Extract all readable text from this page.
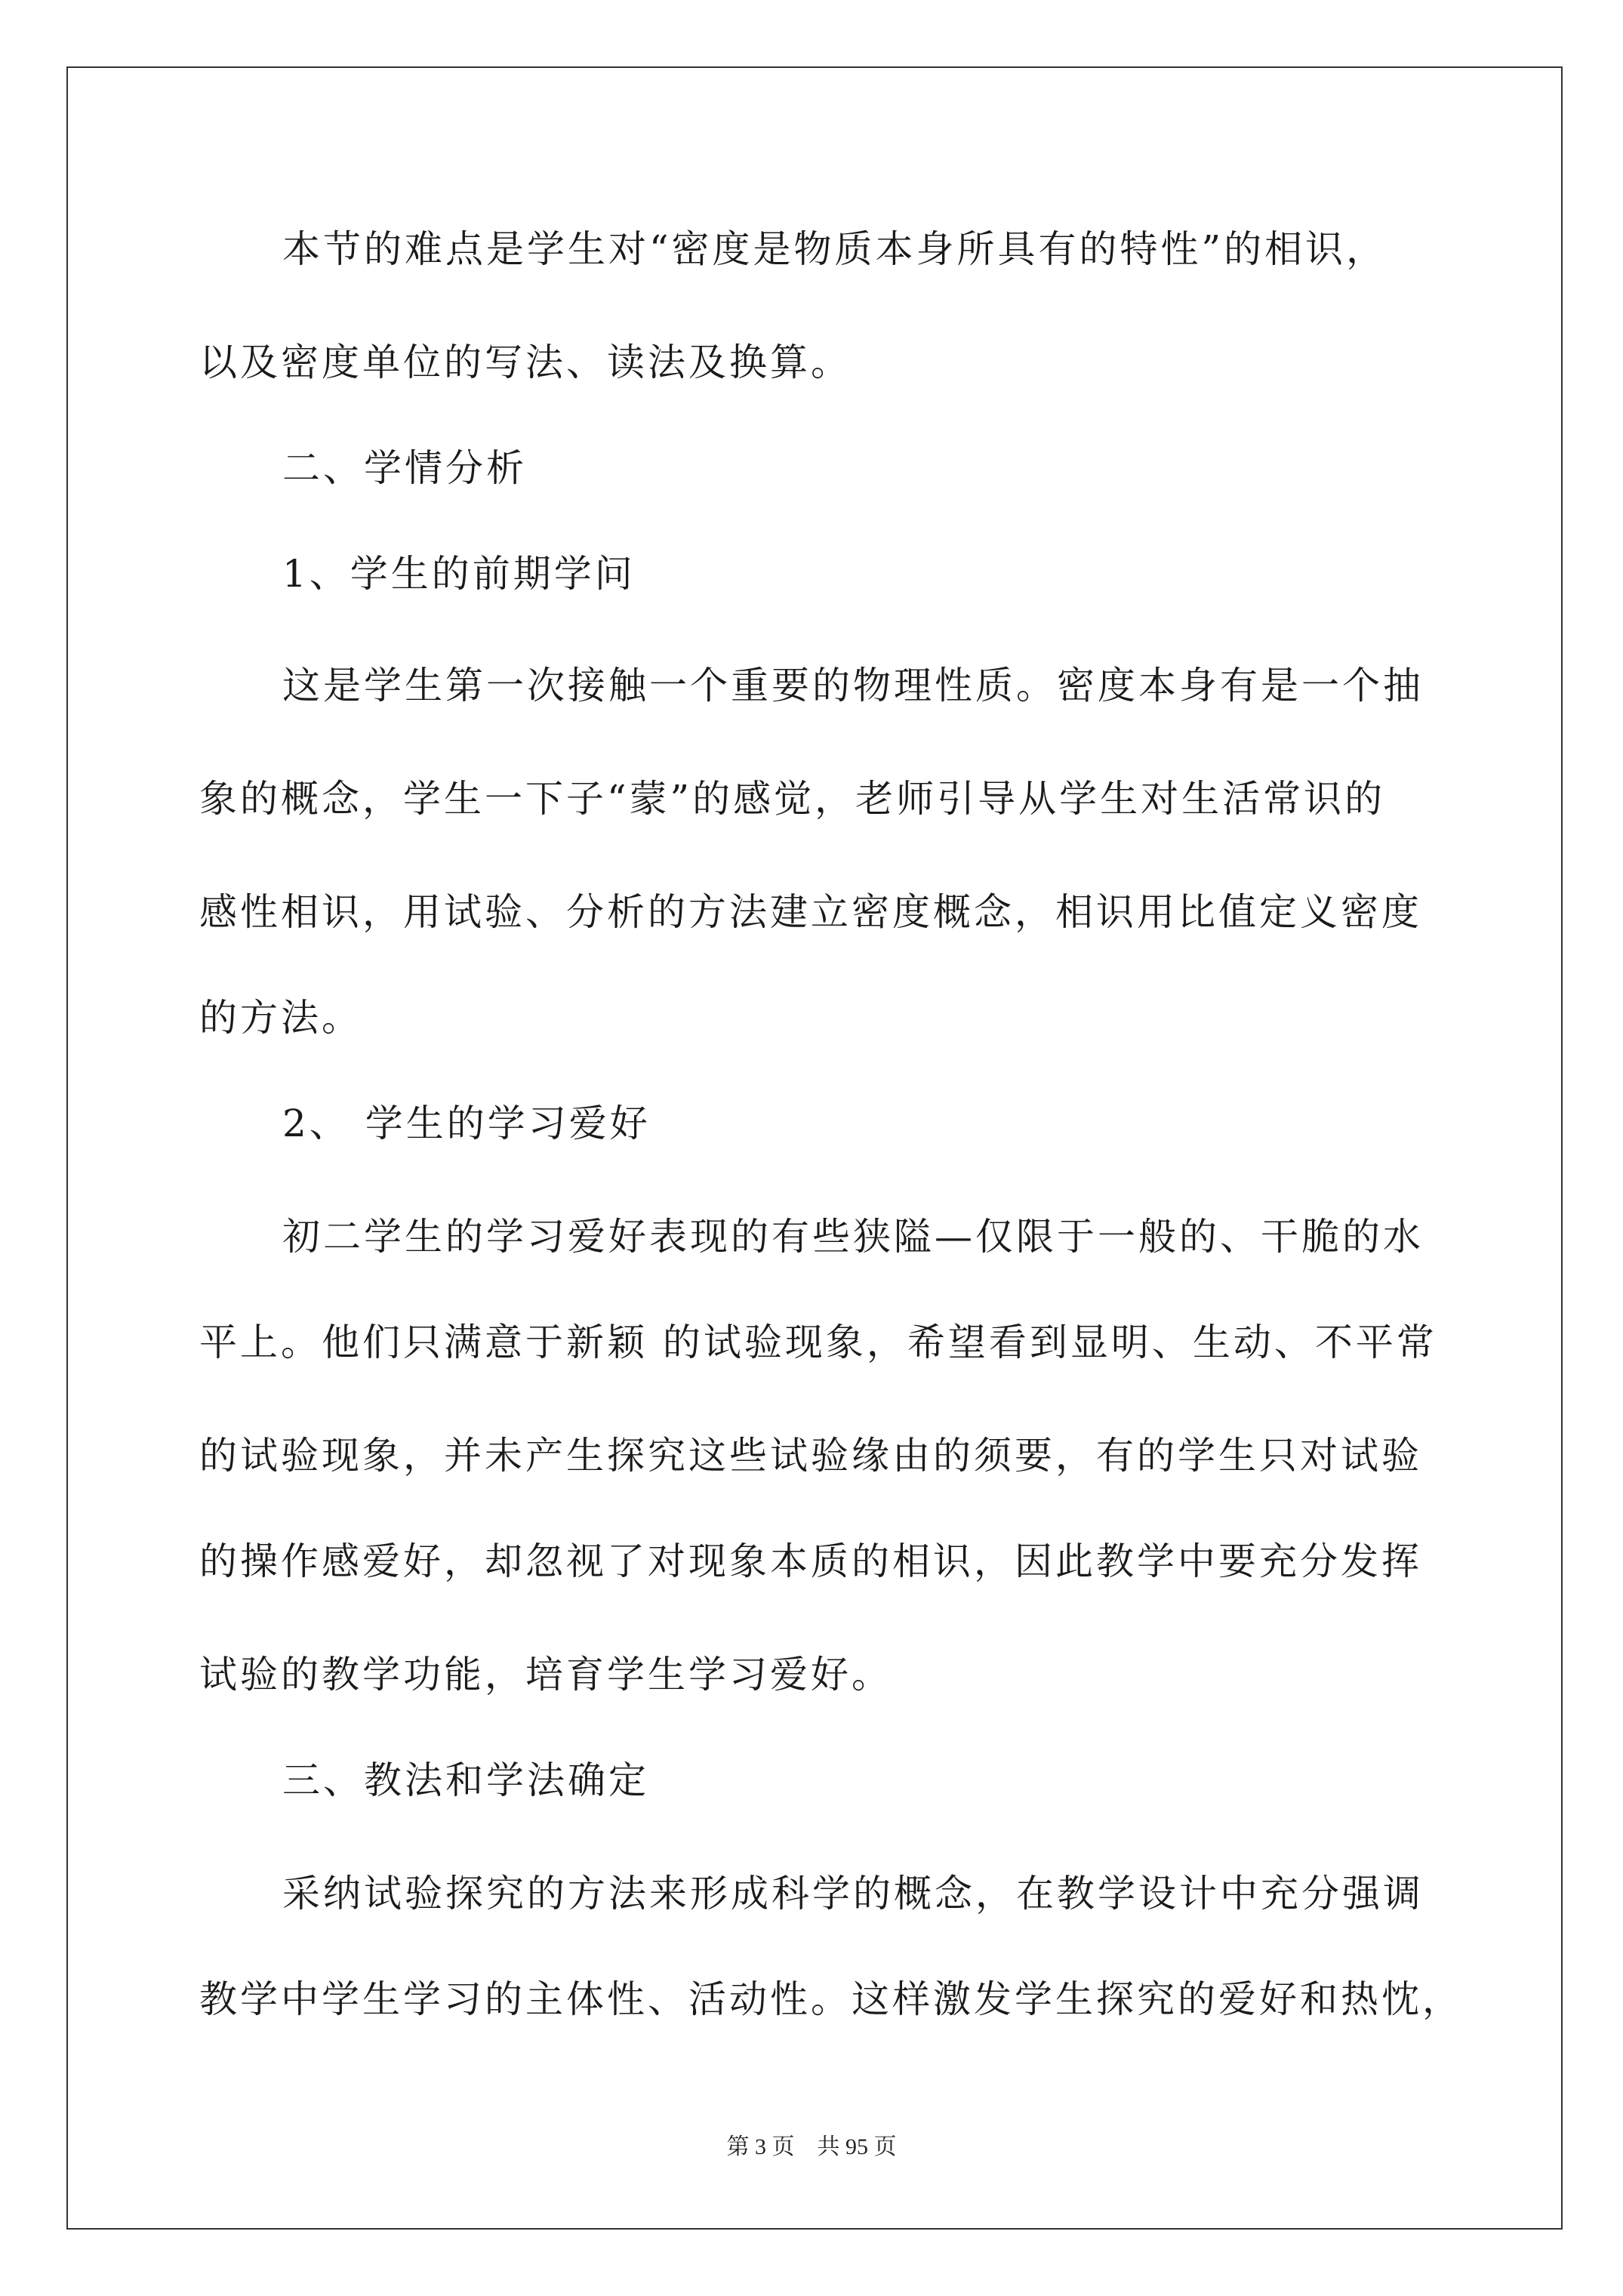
本节的难点是学生对“密度是物质本身所具有的特性”的相识，
以及密度单位的写法、读法及换算。
二、学情分析
1、学生的前期学问
这是学生第一次接触一个重要的物理性质。密度本身有是一个抽
象的概念，学生一下子“蒙”的感觉，老师引导从学生对生活常识的
感性相识，用试验、分析的方法建立密度概念，相识用比值定义密度
的方法。
2、 学生的学习爱好
初二学生的学习爱好表现的有些狭隘—仅限于一般的、干脆的水
平上。他们只满意于新颖 的试验现象，希望看到显明、生动、不平常
的试验现象，并未产生探究这些试验缘由的须要，有的学生只对试验
的操作感爱好，却忽视了对现象本质的相识，因此教学中要充分发挥
试验的教学功能，培育学生学习爱好。
三、教法和学法确定
采纳试验探究的方法来形成科学的概念，在教学设计中充分强调
教学中学生学习的主体性、活动性。这样激发学生探究的爱好和热忱，
第 3 页　共 95 页
